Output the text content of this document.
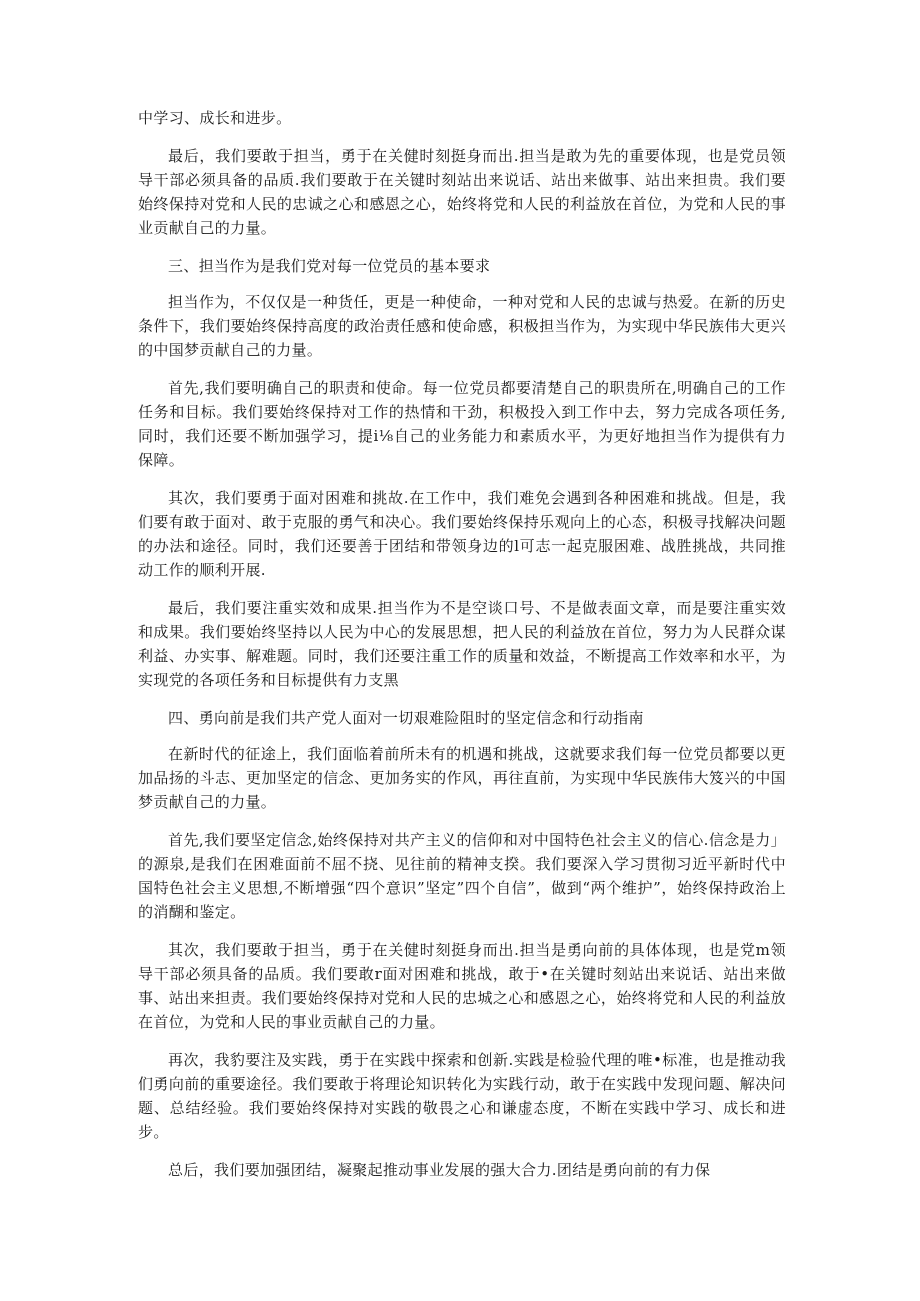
中学习、成长和进步。

最后，我们要敢于担当，勇于在关健时刻挺身而出.担当是敢为先的重要体现，也是党员领导干部必须具备的品质.我们要敢于在关键时刻站出来说话、站出来做事、站出来担贵。我们要始终保持对党和人民的忠诚之心和感恩之心，始终将党和人民的利益放在首位，为党和人民的事业贡献自己的力量。

三、担当作为是我们党对每一位党员的基本要求

担当作为，不仅仅是一种货任，更是一种使命，一种对党和人民的忠诚与热爱。在新的历史条件下，我们要始终保持高度的政治责任感和使命感，积极担当作为，为实现中华民族伟大更兴的中国梦贡献自己的力量。

首先,我们要明确自己的职责和使命。每一位党员都要清楚自己的职贵所在,明确自己的工作任务和目标。我们要始终保持对工作的热情和干劲，积极投入到工作中去，努力完成各项任务,同时，我们还要不断加强学习，提i⅛自己的业务能力和素质水平，为更好地担当作为提供有力保障。

其次，我们要勇于面对困难和挑故.在工作中，我们难免会遇到各种困难和挑战。但是，我们要有敢于面对、敢于克服的勇气和决心。我们要始终保持乐观向上的心态，积极寻找解决问题的办法和途径。同时，我们还要善于团结和带领身边的l可志一起克服困难、战胜挑战，共同推动工作的顺利开展.

最后，我们要注重实效和成果.担当作为不是空谈口号、不是做表面文章，而是要注重实效和成果。我们要始终坚持以人民为中心的发展思想，把人民的利益放在首位，努力为人民群众谋利益、办实事、解难题。同时，我们还要注重工作的质量和效益，不断提高工作效率和水平，为实现党的各项任务和目标提供有力支黑

四、勇向前是我们共产党人面对一切艰难险阻时的坚定信念和行动指南

在新时代的征途上，我们面临着前所未有的机遇和挑战，这就要求我们每一位党员都要以更加品扬的斗志、更加坚定的信念、更加务实的作风，再往直前，为实现中华民族伟大笈兴的中国梦贡献自己的力量。

首先,我们要坚定信念,始终保持对共产主义的信仰和对中国特色社会主义的信心.信念是力」的源泉,是我们在困难面前不屈不挠、见往前的精神支揆。我们要深入学习贯彻习近平新时代中国特色社会主义思想,不断增强“四个意识”坚定”四个自信”，做到“两个维护”，始终保持政治上的消醐和鉴定。

其次，我们要敢于担当，勇于在关健时刻挺身而出.担当是勇向前的具体体现，也是党m领导干部必须具备的品质。我们要敢r面对困难和挑战，敢于•在关键时刻站出来说话、站出来做事、站出来担责。我们要始终保持对党和人民的忠城之心和感恩之心，始终将党和人民的利益放在首位，为党和人民的事业贡献自己的力量。

再次，我豹要注及实践，勇于在实践中探索和创新.实践是检验代理的唯•标准，也是推动我们勇向前的重要途径。我们要敢于将理论知识转化为实践行动，敢于在实践中发现问题、解决问题、总结经验。我们要始终保持对实践的敬畏之心和谦虚态度，不断在实践中学习、成长和进步。

总后，我们要加强团结，凝聚起推动事业发展的强大合力.团结是勇向前的有力保
